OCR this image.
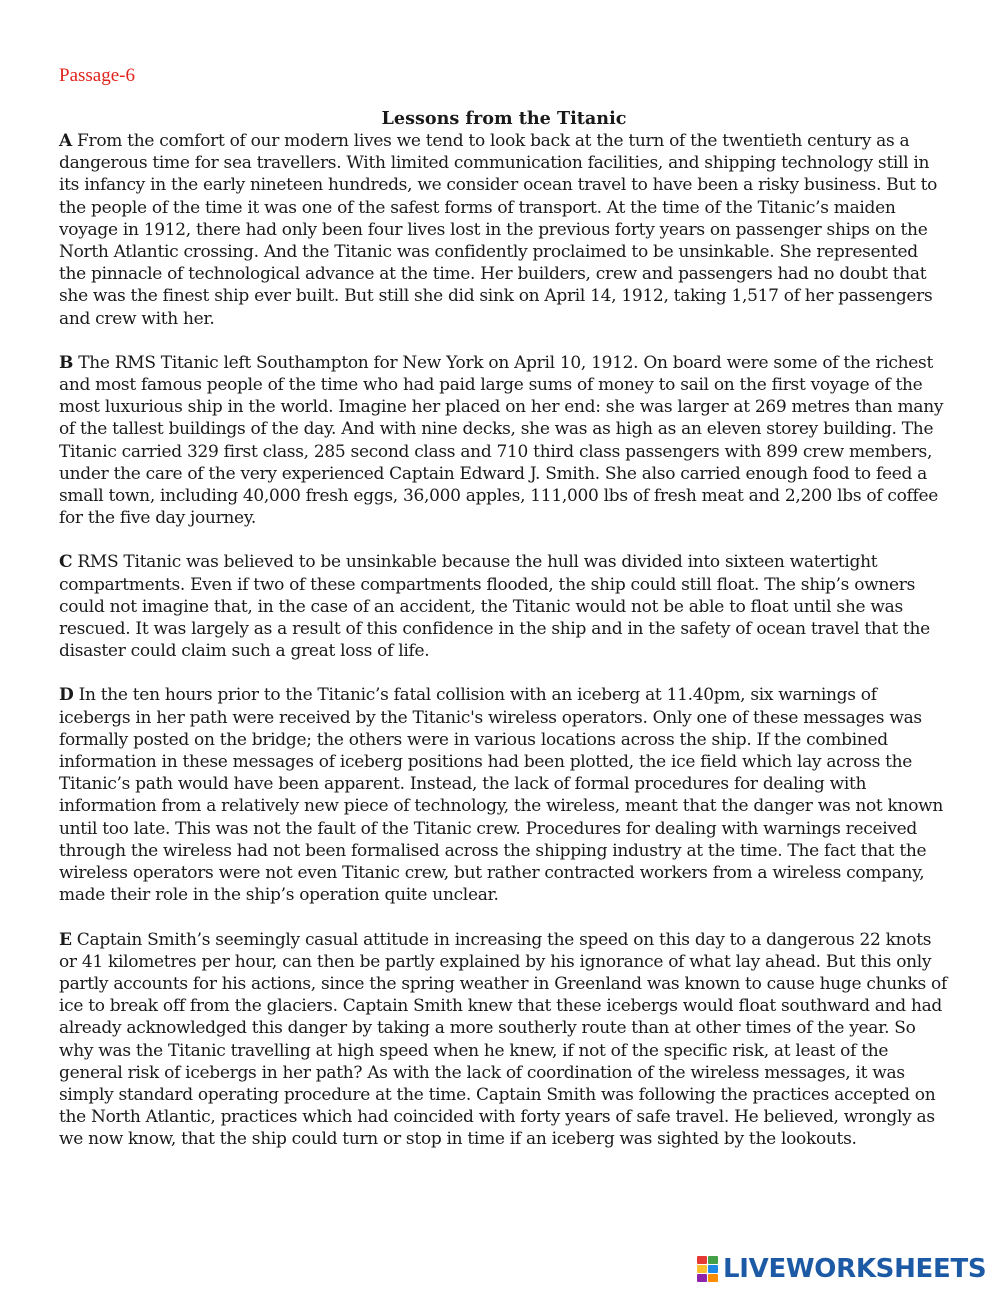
Passage-6
Lessons from the Titanic

A From the comfort of our modern lives we tend to look back at the turn of the twentieth century as a dangerous time for sea travellers. With limited communication facilities, and shipping technology still in its infancy in the early nineteen hundreds, we consider ocean travel to have been a risky business. But to the people of the time it was one of the safest forms of transport. At the time of the Titanic’s maiden voyage in 1912, there had only been four lives lost in the previous forty years on passenger ships on the North Atlantic crossing. And the Titanic was confidently proclaimed to be unsinkable. She represented the pinnacle of technological advance at the time. Her builders, crew and passengers had no doubt that she was the finest ship ever built. But still she did sink on April 14, 1912, taking 1,517 of her passengers and crew with her.

B The RMS Titanic left Southampton for New York on April 10, 1912. On board were some of the richest and most famous people of the time who had paid large sums of money to sail on the first voyage of the most luxurious ship in the world. Imagine her placed on her end: she was larger at 269 metres than many of the tallest buildings of the day. And with nine decks, she was as high as an eleven storey building. The Titanic carried 329 first class, 285 second class and 710 third class passengers with 899 crew members, under the care of the very experienced Captain Edward J. Smith. She also carried enough food to feed a small town, including 40,000 fresh eggs, 36,000 apples, 111,000 lbs of fresh meat and 2,200 lbs of coffee for the five day journey.

C RMS Titanic was believed to be unsinkable because the hull was divided into sixteen watertight compartments. Even if two of these compartments flooded, the ship could still float. The ship’s owners could not imagine that, in the case of an accident, the Titanic would not be able to float until she was rescued. It was largely as a result of this confidence in the ship and in the safety of ocean travel that the disaster could claim such a great loss of life.

D In the ten hours prior to the Titanic’s fatal collision with an iceberg at 11.40pm, six warnings of icebergs in her path were received by the Titanic's wireless operators. Only one of these messages was formally posted on the bridge; the others were in various locations across the ship. If the combined information in these messages of iceberg positions had been plotted, the ice field which lay across the Titanic’s path would have been apparent. Instead, the lack of formal procedures for dealing with information from a relatively new piece of technology, the wireless, meant that the danger was not known until too late. This was not the fault of the Titanic crew. Procedures for dealing with warnings received through the wireless had not been formalised across the shipping industry at the time. The fact that the wireless operators were not even Titanic crew, but rather contracted workers from a wireless company, made their role in the ship’s operation quite unclear.

E Captain Smith’s seemingly casual attitude in increasing the speed on this day to a dangerous 22 knots or 41 kilometres per hour, can then be partly explained by his ignorance of what lay ahead. But this only partly accounts for his actions, since the spring weather in Greenland was known to cause huge chunks of ice to break off from the glaciers. Captain Smith knew that these icebergs would float southward and had already acknowledged this danger by taking a more southerly route than at other times of the year. So why was the Titanic travelling at high speed when he knew, if not of the specific risk, at least of the general risk of icebergs in her path? As with the lack of coordination of the wireless messages, it was simply standard operating procedure at the time. Captain Smith was following the practices accepted on the North Atlantic, practices which had coincided with forty years of safe travel. He believed, wrongly as we now know, that the ship could turn or stop in time if an iceberg was sighted by the lookouts.

LIVEWORKSHEETS
